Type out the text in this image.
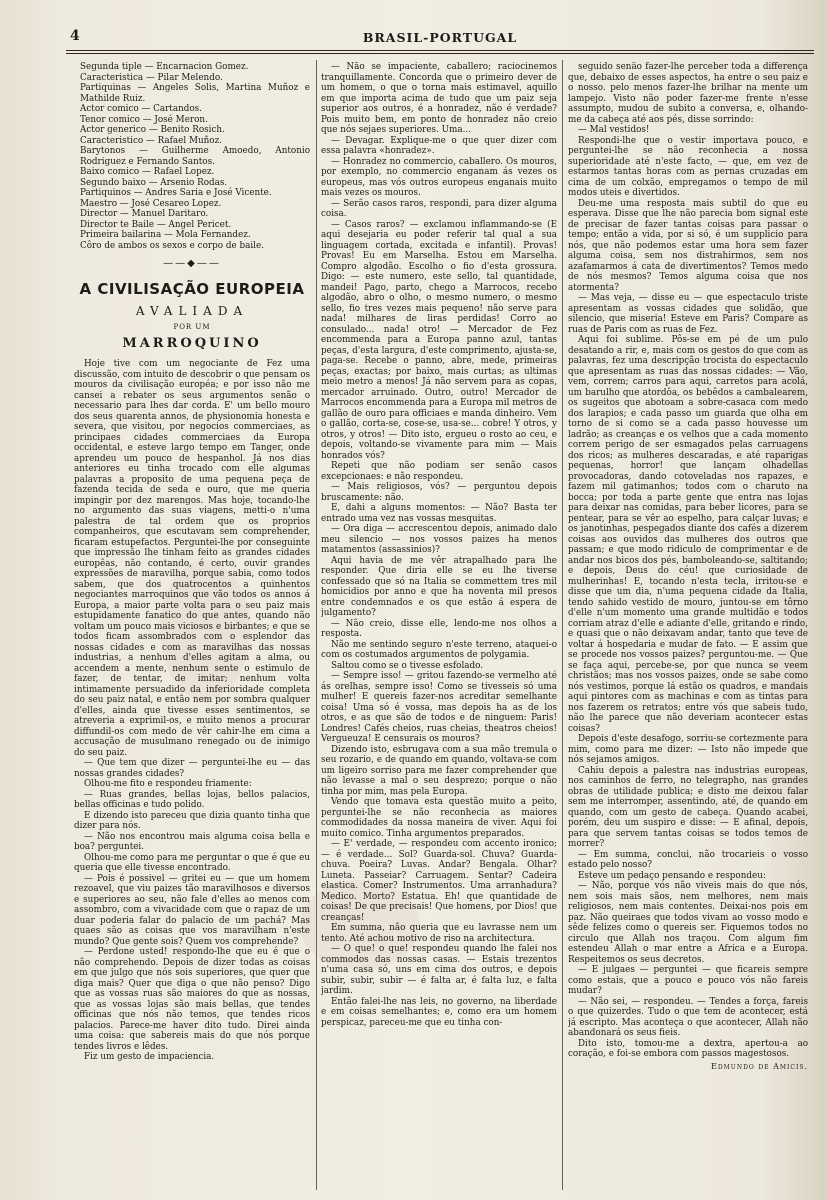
4	BRASIL-PORTUGAL

Segunda tiple — Encarnacion Gomez.

Caracteristica — Pilar Melendo.

Partiquinas — Angeles Solis, Martina Muñoz e Mathilde Ruiz.

Actor comico — Cartandos.

Tenor comico — José Meron.

Actor generico — Benito Rosich.

Caracteristico — Rafael Muñoz.

Barytonos — Guilherme Amoedo, Antonio Rodriguez e Fernando Santos.

Baixo comico — Rafael Lopez.

Segundo baixo — Arsenio Rodas.

Partiquinos — Andres Saria e José Vicente.

Maestro — José Cesareo Lopez.

Director — Manuel Daritaro.

Director te Baile — Angel Pericet.

Primeira bailarina — Mola Fernandez.

Côro de ambos os sexos e corpo de baile.

——◆——
A CIVILISAÇÃO EUROPEIA
AVALIADA
POR UM
MARROQUINO

Hoje tive com um negociante de Fez uma discussão, com intuito de descobrir o que pensam os mouros da civilisação européa; e por isso não me cansei a rebater os seus argumentos senão o necessario para lhes dar corda. E' um bello mouro dos seus quarenta annos, de physionomia honesta e severa, que visitou, por negocios commerciaes, as principaes cidades commerciaes da Europa occidental, e esteve largo tempo em Tanger, onde aprendeu um pouco de hespanhol. Já nos dias anteriores eu tinha trocado com elle algumas palavras a proposito de uma pequena peça de fazenda tecida de seda e ouro, que me queria impingir por dez marengos. Mas hoje, tocando-lhe no argumento das suas viagens, metti-o n'uma palestra de tal ordem que os proprios companheiros, que escutavam sem comprehender, ficaram estupefactos. Perguntei-lhe por conseguinte que impressão lhe tinham feito as grandes cidades europêas, não contando, é certo, ouvir grandes expressões de maravilha, porque sabia, como todos sabem, que dos quatrocentos a quinhentos negociantes marroquinos que vão todos os annos á Europa, a maior parte volta para o seu paiz mais estupidamente fanatico do que antes, quando não voltam um pouco mais viciosos e birbantes; e que se todos ficam assombrados com o esplendor das nossas cidades e com as maravilhas das nossas industrias, a nenhum d'elles agitam a alma, ou accendem a mente, nenhum sente o estimulo de fazer, de tentar, de imitar; nenhum volta intimamente persuadido da inferioridade completa do seu paiz natal, e então nem por sombra qualquer d'elles, ainda que tivesse esses sentimentos, se atreveria a exprimil-os, e muito menos a procurar diffundil-os com medo de vêr cahir-lhe em cima a accusação de musulmano renegado ou de inimigo do seu paiz.

— Que tem que dizer — perguntei-lhe eu — das nossas grandes cidades?

Olhou-me fito e respondeu friamente:

— Ruas grandes, bellas lojas, bellos palacios, bellas officinas e tudo polido.

E dizendo isto pareceu que dizia quanto tinha que dizer para nós.

— Não nos encontrou mais alguma coisa bella e boa? perguntei.

Olhou-me como para me perguntar o que é que eu queria que elle tivesse encontrado.

— Pois é possivel — gritei eu — que um homem rezoavel, que viu paizes tão maravilhosos e diversos e superiores ao seu, não fale d'elles ao menos com assombro, com a vivacidade com que o rapaz de um duar poderia falar do palacio de um pachá? Mas quaes são as coisas que vos maravilham n'este mundo? Que gente sois? Quem vos comprehende?

— Perdone usted! respondo-lhe que eu é que o não comprehendo. Depois de dizer todas as coisas em que julgo que nós sois superiores, que quer que diga mais? Quer que diga o que não penso? Digo que as vossas ruas são maiores do que as nossas, que as vossas lojas são mais bellas, que tendes officinas que nós não temos, que tendes ricos palacios. Parece-me haver dito tudo. Direi ainda uma coisa: que sabereis mais do que nós porque tendes livros e lêdes.

Fiz um gesto de impaciencia.

— Não se impaciente, caballero; raciocinemos tranquillamente. Concorda que o primeiro dever de um homem, o que o torna mais estimavel, aquillo em que importa acima de tudo que um paiz seja superior aos outros, é a honradez, não é verdade? Pois muito bem, em ponto de honradez não creio que nós sejaes superiores. Uma...

— Devagar. Explique-me o que quer dizer com essa palavra «honradez».

— Honradez no commercio, caballero. Os mouros, por exemplo, no commercio enganam ás vezes os europeus, mas vós outros europeus enganais muito mais vezes os mouros.

— Serão casos raros, respondi, para dizer alguma coisa.

— Casos raros? — exclamou inflammando-se (E aqui desejaria eu poder referir tal qual a sua linguagem cortada, excitada e infantil). Provas! Provas! Eu em Marselha. Estou em Marselha. Compro algodão. Escolho o fio d'esta grossura. Digo: — este numero, este sello, tal quantidade, mandei! Pago, parto, chego a Marrocos, recebo algodão, abro o olho, o mesmo numero, o mesmo sello, fio tres vezes mais pequeno! não serve para nada! milhares de liras perdidas! Corro ao consulado... nada! otro! — Mercador de Fez encommenda para a Europa panno azul, tantas peças, d'esta largura, d'este comprimento, ajusta-se, paga-se. Recebe o panno, abre, mede, primeiras peças, exactas; por baixo, mais curtas; as ultimas meio metro a menos! Já não servem para as copas, mercador arruinado. Outro, outro! Mercador de Marrocos encommenda para a Europa mil metros de gallão de ouro para officiaes e manda dinheiro. Vem o gallão, corta-se, cose-se, usa-se... cobre! Y otros, y otros, y otros! — Dito isto, ergueu o rosto ao ceu, e depois, voltando-se vivamente para mim — Mais honrados vós?

Repeti que não podiam ser senão casos excepcionaes: e não respondeu.

— Mais religiosos, vós? — perguntou depois bruscamente: não.

E, dahi a alguns momentos: — Não? Basta ter entrado uma vez nas vossas mesquitas.

— Ora diga — accrescentou depois, animado dalo meu silencio — nos vossos paizes ha menos matamentos (assassinios)?

Aqui havia de me vêr atrapalhado para lhe responder. Que diria elle se eu lhe tiverse confessado que só na Italia se commettem tres mil homicidios por anno e que ha noventa mil presos entre condemnados e os que estão á espera de julgamento?

— Não creio, disse elle, lendo-me nos olhos a resposta.

Não me sentindo seguro n'este terreno, ataquei-o com os costumados argumentos de polygamia.

Saltou como se o tivesse esfolado.

— Sempre isso! — gritou fazendo-se vermelho até ás orelhas, sempre isso! Como se tivesseis só uma mulher! E quereis fazer-nos acreditar semelhante coisa! Uma só é vossa, mas depois ha as de los otros, e as que são de todos e de ninguem: Paris! Londres! Cafés cheios, ruas cheias, theatros cheios! Vergueuza! E censurais os mouros?

Dizendo isto, esbrugava com a sua mão tremula o seu rozario, e de quando em quando, voltava-se com um ligeiro sorriso para me fazer comprehender que não levasse a mal o seu desprezo; porque o não tinha por mim, mas pela Europa.

Vendo que tomava esta questão muito a peito, perguntei-lhe se não reconhecia as maiores commodidades da nossa maneira de viver. Aqui foi muito comico. Tinha argumentos preparados.

— E' verdade, — respondeu com accento ironico; — é verdade... Sol? Guarda-sol. Chuva? Guarda-chuva. Poeira? Luvas. Andar? Bengala. Olhar? Luneta. Passeiar? Carruagem. Sentar? Cadeira elastica. Comer? Instrumentos. Uma arranhadura? Medico. Morto? Estatua. Eh! que quantidade de coisas! De que precisais! Que homens, por Dios! que creanças!

Em summa, não queria que eu lavrasse nem um tento. Até achou motivo de riso na architectura.

— O que! o que! respondeu quando lhe falei nos commodos das nossas casas. — Estais trezentos n'uma casa só, uns em cima dos outros, e depois subir, subir, subir — é falta ar, é falta luz, e falta jardim.

Então falei-lhe nas leis, no governo, na liberdade e em coisas semelhantes; e, como era um homem perspicaz, pareceu-me que eu tinha con-

seguido senão fazer-lhe perceber toda a differença que, debaixo de esses aspectos, ha entre o seu paiz e o nosso. pelo menos fazer-lhe brilhar na mente um lampejo. Visto não poder fazer-me frente n'esse assumpto, mudou de subito a conversa, e, olhando-me da cabeça até aos pés, disse sorrindo:

— Mal vestidos!

Respondi-lhe que o vestir importava pouco, e perguntei-lhe se não reconhecia a nossa superioridade até n'este facto, — que, em vez de estarmos tantas horas com as pernas cruzadas em cima de um colxão, empregamos o tempo de mil modos uteis e divertidos.

Deu-me uma resposta mais subtil do que eu esperava. Disse que lhe não parecia bom signal este de precisar de fazer tantas coisas para passar o tempo; então a vida, por si só, é um supplicio para nós, que não podemos estar uma hora sem fazer alguma coisa, sem nos distrahirmos, sem nos azafamarmos á cata de divertimentos? Temos medo de nós mesmos? Temos alguma coisa que nos atormenta?

— Mas veja, — disse eu — que espectaculo triste apresentam as vossas cidades que solidão, que silencio, que miseria! Esteve em Paris? Compare as ruas de Paris com as ruas de Fez.

Aqui foi sublime. Pôs-se em pé de um pulo desatando a rir, e, mais com os gestos do que com as palavras, fez uma descripção trocista do espectaculo que apresentam as ruas das nossas cidades: — Vão, vem, correm; carros para aqui, carretos para acolá, um barulho que atordôa, os bebêdos a cambalearem, os sugeitos que abotoam a sobre-casaca com medo dos larapios; e cada passo um guarda que olha em torno de si como se a cada passo houvesse um ladrão; as creanças e os velhos que a cada momento correm perigo de ser esmagados pelas carruagens dos ricos; as mulheres descaradas, e até raparigas pequenas, horror! que lançam olhadellas provocadoras, dando cotoveladas nos rapazes, e fazem mil gatimanhos; todos com o charuto na bocca; por toda a parte gente que entra nas lojas para deixar nas comidas, para beber licores, para se pentear, para se vêr ao espelho, para calçar luvas; e os janotinhas, pespegados diante dos cafés a dizerem coisas aos ouvidos das mulheres dos outros que passam; e que modo ridiculo de comprimentar e de andar nos bicos dos pés, bamboleando-se, saltitando; e depois, Deus do céu! que curiosidade de mulherinhas! E, tocando n'esta tecla, irritou-se e disse que um dia, n'uma pequena cidade da Italia, tendo sahido vestido de mouro, juntou-se em tôrno d'elle n'um momento uma grande multidão e todos corriam atraz d'elle e adiante d'elle, gritando e rindo, e quasi que o não deixavam andar, tanto que teve de voltar á hospedaria e mudar de fato. — E assim que se procede nos vossos paizes? perguntou-me. — Que se faça aqui, percebe-se, por que nunca se veem christãos; mas nos vossos paizes, onde se sabe como nós vestimos, porque lá estão os quadros, e mandais aqui pintores com as machinas e com as tintas para nos fazerem os retratos; entre vós que sabeis tudo, não lhe parece que não deveriam acontecer estas coisas?

Depois d'este desafogo, sorriu-se cortezmente para mim, como para me dizer: — Isto não impede que nós sejamos amigos.

Cahiu depois a palestra nas industrias europeas, nos caminhos de ferro, no telegrapho, nas grandes obras de utilidade publica; e disto me deixou falar sem me interromper, assentindo, até, de quando em quando, com um gesto de cabeça. Quando acabei, porém, deu um suspiro e disse: — E afinal, depois, para que servem tantas coisas se todos temos de morrer?

— Em summa, conclui, não trocarieis o vosso estado pelo nosso?

Esteve um pedaço pensando e respondeu:

— Não, porque vós não viveis mais do que nós, nem sois mais sãos, nem melhores, nem mais religiosos, nem mais contentes. Deixai-nos pois em paz. Não queiraes que todos vivam ao vosso modo e sêde felizes como o quereis ser. Fiquemos todos no circulo que Allah nos traçou. Com algum fim estendeu Allah o mar entre a Africa e a Europa. Respeitemos os seus decretos.

— E julgaes — perguntei — que ficareis sempre como estais, que a pouco e pouco vós não fareis mudar?

— Não sei, — respondeu. — Tendes a força, fareis o que quizerdes. Tudo o que tem de acontecer, está já escripto. Mas aconteça o que acontecer, Allah não abandonará os seus fieis.

Dito isto, tomou-me a dextra, apertou-a ao coração, e foi-se embora com passos magestosos.

Edmundo de Amicis.
